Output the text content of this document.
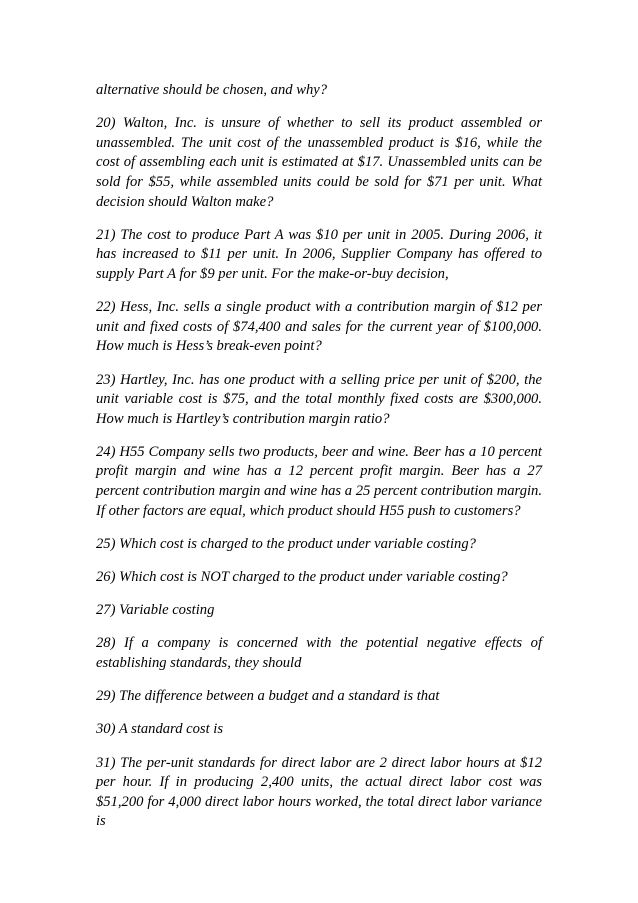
alternative should be chosen, and why?

20) Walton, Inc. is unsure of whether to sell its product assembled or unassembled. The unit cost of the unassembled product is $16, while the cost of assembling each unit is estimated at $17. Unassembled units can be sold for $55, while assembled units could be sold for $71 per unit. What decision should Walton make?

21) The cost to produce Part A was $10 per unit in 2005. During 2006, it has increased to $11 per unit. In 2006, Supplier Company has offered to supply Part A for $9 per unit. For the make-or-buy decision,

22) Hess, Inc. sells a single product with a contribution margin of $12 per unit and fixed costs of $74,400 and sales for the current year of $100,000. How much is Hess’s break-even point?

23) Hartley, Inc. has one product with a selling price per unit of $200, the unit variable cost is $75, and the total monthly fixed costs are $300,000. How much is Hartley’s contribution margin ratio?

24) H55 Company sells two products, beer and wine. Beer has a 10 percent profit margin and wine has a 12 percent profit margin. Beer has a 27 percent contribution margin and wine has a 25 percent contribution margin. If other factors are equal, which product should H55 push to customers?

25) Which cost is charged to the product under variable costing?

26) Which cost is NOT charged to the product under variable costing?

27) Variable costing

28) If a company is concerned with the potential negative effects of establishing standards, they should

29) The difference between a budget and a standard is that

30) A standard cost is

31) The per-unit standards for direct labor are 2 direct labor hours at $12 per hour. If in producing 2,400 units, the actual direct labor cost was $51,200 for 4,000 direct labor hours worked, the total direct labor variance is
